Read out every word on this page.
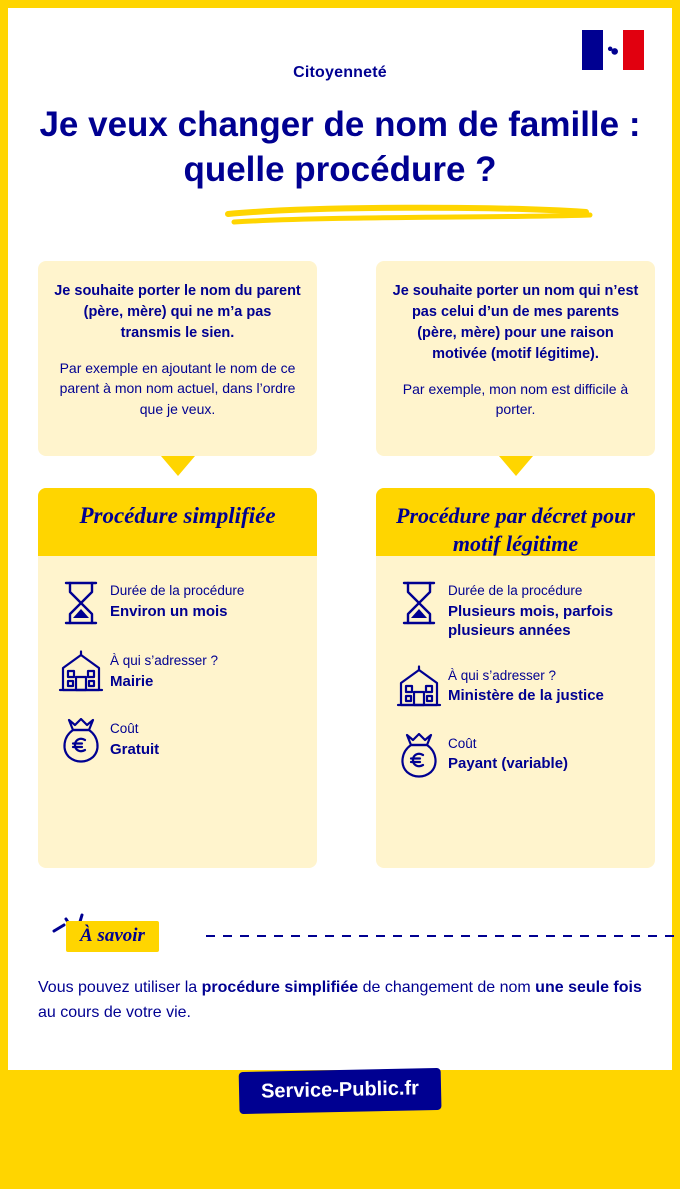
Citoyenneté
Je veux changer de nom de famille : quelle procédure ?
Je souhaite porter le nom du parent (père, mère) qui ne m’a pas transmis le sien.
Par exemple en ajoutant le nom de ce parent à mon nom actuel, dans l’ordre que je veux.
Je souhaite porter un nom qui n’est pas celui d’un de mes parents (père, mère) pour une raison motivée (motif légitime).
Par exemple, mon nom est difficile à porter.
Procédure simplifiée
Durée de la procédure
Environ un mois
À qui s’adresser ?
Mairie
Coût
Gratuit
Procédure par décret pour motif légitime
Durée de la procédure
Plusieurs mois, parfois plusieurs années
À qui s’adresser ?
Ministère de la justice
Coût
Payant (variable)
À savoir
Vous pouvez utiliser la procédure simplifiée de changement de nom une seule fois au cours de votre vie.
Service-Public.fr
